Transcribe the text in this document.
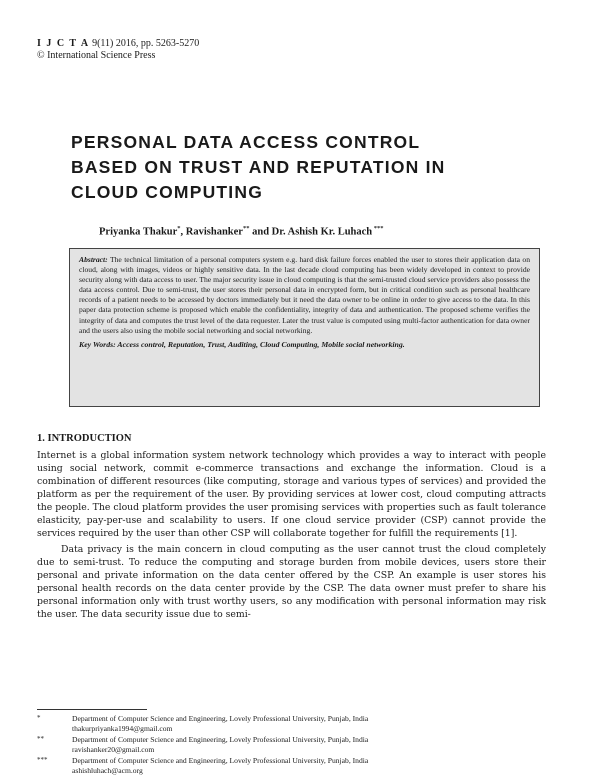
I J C T A 9(11) 2016, pp. 5263-5270
© International Science Press
PERSONAL DATA ACCESS CONTROL
BASED ON TRUST AND REPUTATION IN
CLOUD COMPUTING
Priyanka Thakur*, Ravishanker** and Dr. Ashish Kr. Luhach ***
Abstract: The technical limitation of a personal computers system e.g. hard disk failure forces enabled the user to stores their application data on cloud, along with images, videos or highly sensitive data. In the last decade cloud computing has been widely developed in context to provide security along with data access to user. The major security issue in cloud computing is that the semi-trusted cloud service providers also possess the data access control. Due to semi-trust, the user stores their personal data in encrypted form, but in critical condition such as personal healthcare records of a patient needs to be accessed by doctors immediately but it need the data owner to be online in order to give access to the data. In this paper data protection scheme is proposed which enable the confidentiality, integrity of data and authentication. The proposed scheme verifies the integrity of data and computes the trust level of the data requester. Later the trust value is computed using multi-factor authentication for data owner and the users also using the mobile social networking and social networking.
Key Words: Access control, Reputation, Trust, Auditing, Cloud Computing, Mobile social networking.
1. INTRODUCTION

Internet is a global information system network technology which provides a way to interact with people using social network, commit e-commerce transactions and exchange the information. Cloud is a combination of different resources (like computing, storage and various types of services) and provided the platform as per the requirement of the user. By providing services at lower cost, cloud computing attracts the people. The cloud platform provides the user promising services with properties such as fault tolerance elasticity, pay-per-use and scalability to users. If one cloud service provider (CSP) cannot provide the services required by the user than other CSP will collaborate together for fulfill the requirements [1].

Data privacy is the main concern in cloud computing as the user cannot trust the cloud completely due to semi-trust. To reduce the computing and storage burden from mobile devices, users store their personal and private information on the data center offered by the CSP. An example is user stores his personal health records on the data center provide by the CSP. The data owner must prefer to share his personal information only with trust worthy users, so any modification with personal information may risk the user. The data security issue due to semi-

*	Department of Computer Science and Engineering, Lovely Professional University, Punjab, India
thakurpriyanka1994@gmail.com
**	Department of Computer Science and Engineering, Lovely Professional University, Punjab, India
ravishanker20@gmail.com
***	Department of Computer Science and Engineering, Lovely Professional University, Punjab, India
ashishluhach@acm.org
